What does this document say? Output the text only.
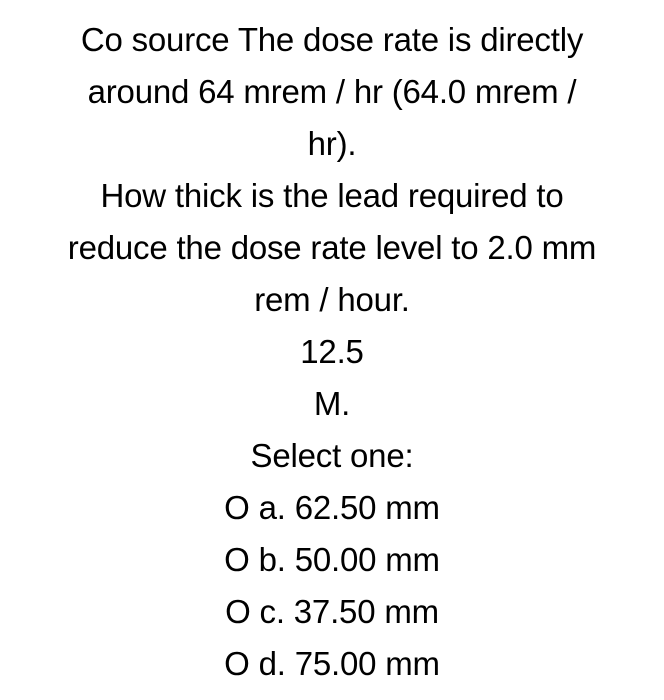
Co source The dose rate is directly
around 64 mrem / hr (64.0 mrem /
hr).
How thick is the lead required to
reduce the dose rate level to 2.0 mm
rem / hour.
12.5
M.
Select one:
O a. 62.50 mm
O b. 50.00 mm
O c. 37.50 mm
O d. 75.00 mm
